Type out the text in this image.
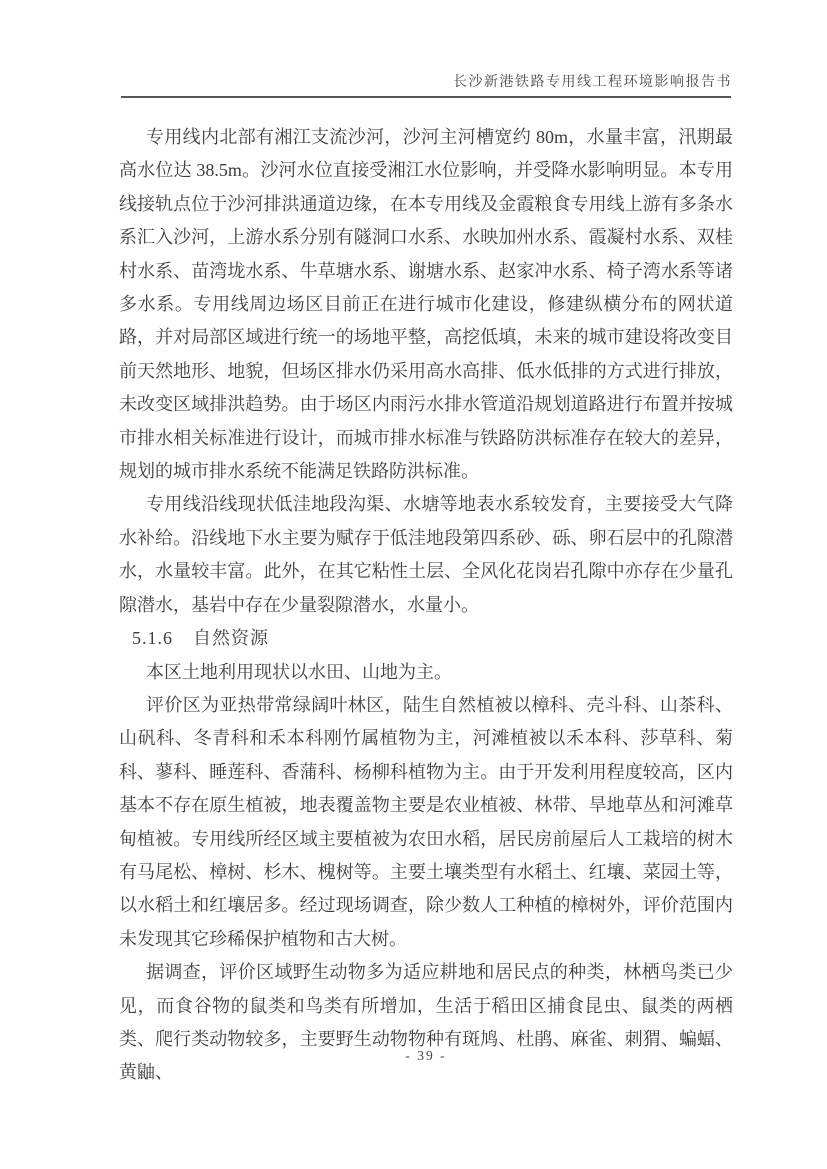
长沙新港铁路专用线工程环境影响报告书

专用线内北部有湘江支流沙河，沙河主河槽宽约 80m，水量丰富，汛期最高水位达 38.5m。沙河水位直接受湘江水位影响，并受降水影响明显。本专用线接轨点位于沙河排洪通道边缘，在本专用线及金霞粮食专用线上游有多条水系汇入沙河，上游水系分别有隧洞口水系、水映加州水系、霞凝村水系、双桂村水系、苗湾垅水系、牛草塘水系、谢塘水系、赵家冲水系、椅子湾水系等诸多水系。专用线周边场区目前正在进行城市化建设，修建纵横分布的网状道路，并对局部区域进行统一的场地平整，高挖低填，未来的城市建设将改变目前天然地形、地貌，但场区排水仍采用高水高排、低水低排的方式进行排放，未改变区域排洪趋势。由于场区内雨污水排水管道沿规划道路进行布置并按城市排水相关标准进行设计，而城市排水标准与铁路防洪标准存在较大的差异，规划的城市排水系统不能满足铁路防洪标准。

专用线沿线现状低洼地段沟渠、水塘等地表水系较发育，主要接受大气降水补给。沿线地下水主要为赋存于低洼地段第四系砂、砾、卵石层中的孔隙潜水，水量较丰富。此外，在其它粘性土层、全风化花岗岩孔隙中亦存在少量孔隙潜水，基岩中存在少量裂隙潜水，水量小。

5.1.6 自然资源

本区土地利用现状以水田、山地为主。

评价区为亚热带常绿阔叶林区，陆生自然植被以樟科、壳斗科、山茶科、山矾科、冬青科和禾本科刚竹属植物为主，河滩植被以禾本科、莎草科、菊科、蓼科、睡莲科、香蒲科、杨柳科植物为主。由于开发利用程度较高，区内基本不存在原生植被，地表覆盖物主要是农业植被、林带、旱地草丛和河滩草甸植被。专用线所经区域主要植被为农田水稻，居民房前屋后人工栽培的树木有马尾松、樟树、杉木、槐树等。主要土壤类型有水稻土、红壤、菜园土等，以水稻土和红壤居多。经过现场调查，除少数人工种植的樟树外，评价范围内未发现其它珍稀保护植物和古大树。

据调查，评价区域野生动物多为适应耕地和居民点的种类，林栖鸟类已少见，而食谷物的鼠类和鸟类有所增加，生活于稻田区捕食昆虫、鼠类的两栖类、爬行类动物较多，主要野生动物物种有斑鸠、杜鹃、麻雀、刺猬、蝙蝠、黄鼬、

- 39 -
